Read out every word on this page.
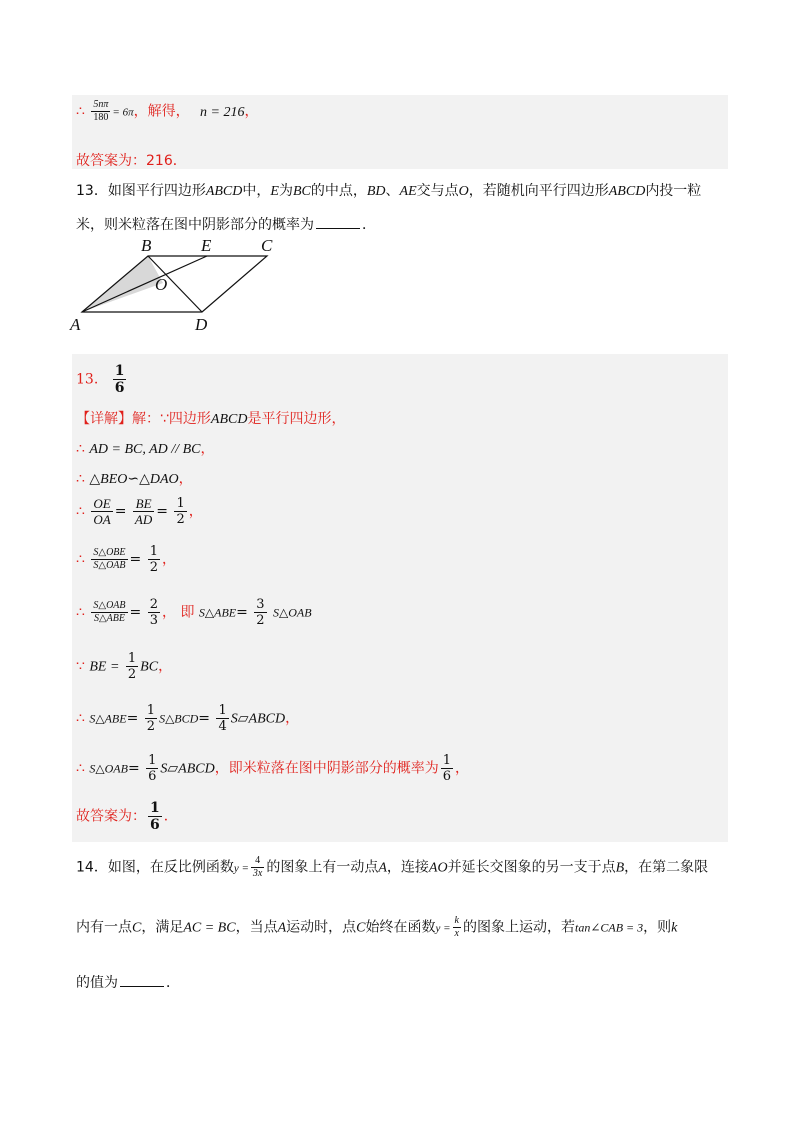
∴ $\frac{5n\pi}{180} = 6\pi$，解得， n = 216，
故答案为：216．
13．如图平行四边形ABCD中，E为BC的中点，BD、AE交与点O，若随机向平行四边形ABCD内投一粒
米，则米粒落在图中阴影部分的概率为	．
B	E	C
O
A	D
13. $\frac{1}{6}$
【详解】解：∵四边形ABCD是平行四边形，
∴ AD = BC, AD // BC，
∴ △BEO∽△DAO，
∴ $\frac{OE}{OA} = \frac{BE}{AD} = \frac{1}{2}$ ，
∴ $\frac{\text{S△OBE}}{\text{S△OAB}} = \frac{1}{2}$ ，
∴ $\frac{\text{S△OAB}}{\text{S△ABE}} = \frac{2}{3}$ ， 即 S△ABE= $\frac{3}{2}$ S△OAB
∵ BE = $\frac{1}{2}$ BC，
∴ S△ABE= $\frac{1}{2}$ S△BCD= $\frac{1}{4}$ S▱ABCD，
∴ S△OAB= $\frac{1}{6}$ S▱ABCD，即米粒落在图中阴影部分的概率为 $\frac{1}{6}$ ，
故答案为： $\frac{1}{6}$ ．
14．如图，在反比例函数$y = \frac{4}{3x}$ 的图象上有一动点A，连接AO并延长交图象的另一支于点B，在第二象限
内有一点C，满足AC = BC，当点A运动时，点C始终在函数$y = \frac{k}{x}$ 的图象上运动，若tan∠CAB = 3，则k
的值为	．
